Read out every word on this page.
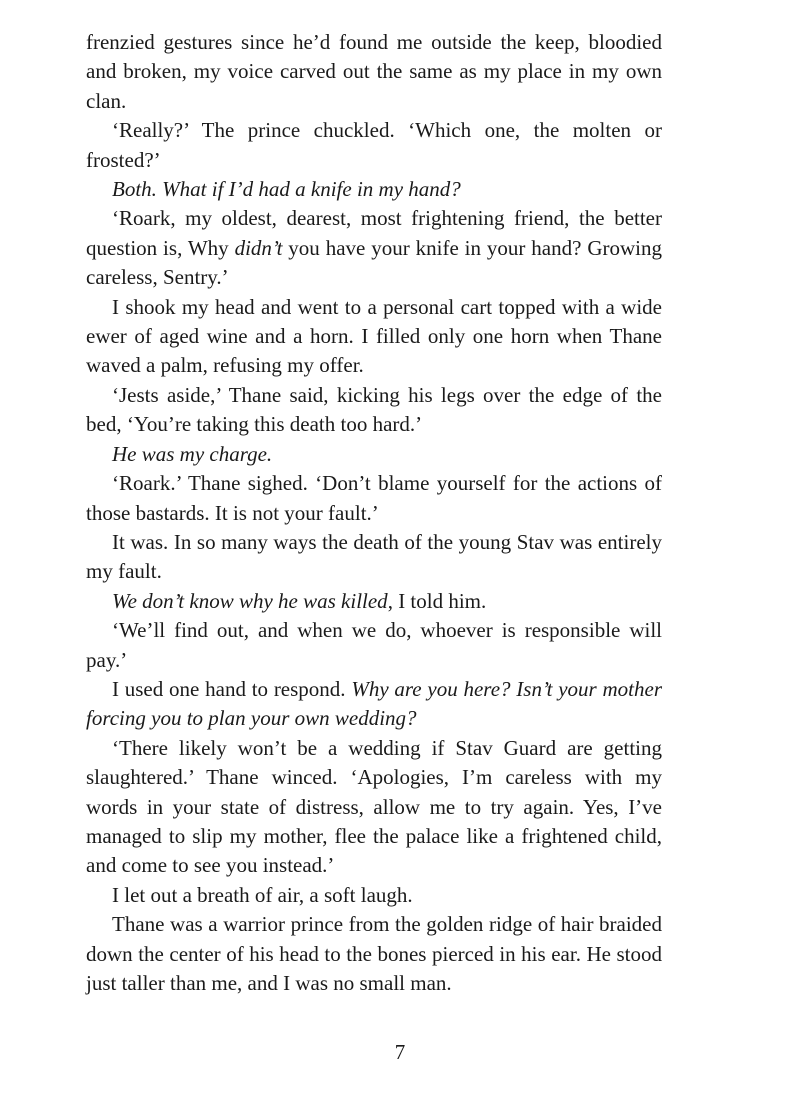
frenzied gestures since he’d found me outside the keep, bloodied and broken, my voice carved out the same as my place in my own clan.

‘Really?’ The prince chuckled. ‘Which one, the molten or frosted?’

Both. What if I’d had a knife in my hand?

‘Roark, my oldest, dearest, most frightening friend, the better question is, Why didn’t you have your knife in your hand? Growing careless, Sentry.’

I shook my head and went to a personal cart topped with a wide ewer of aged wine and a horn. I filled only one horn when Thane waved a palm, refusing my offer.

‘Jests aside,’ Thane said, kicking his legs over the edge of the bed, ‘You’re taking this death too hard.’

He was my charge.

‘Roark.’ Thane sighed. ‘Don’t blame yourself for the actions of those bastards. It is not your fault.’

It was. In so many ways the death of the young Stav was entirely my fault.

We don’t know why he was killed, I told him.

‘We’ll find out, and when we do, whoever is responsible will pay.’

I used one hand to respond. Why are you here? Isn’t your mother forcing you to plan your own wedding?

‘There likely won’t be a wedding if Stav Guard are getting slaughtered.’ Thane winced. ‘Apologies, I’m careless with my words in your state of distress, allow me to try again. Yes, I’ve managed to slip my mother, flee the palace like a frightened child, and come to see you instead.’

I let out a breath of air, a soft laugh.

Thane was a warrior prince from the golden ridge of hair braided down the center of his head to the bones pierced in his ear. He stood just taller than me, and I was no small man.

7
